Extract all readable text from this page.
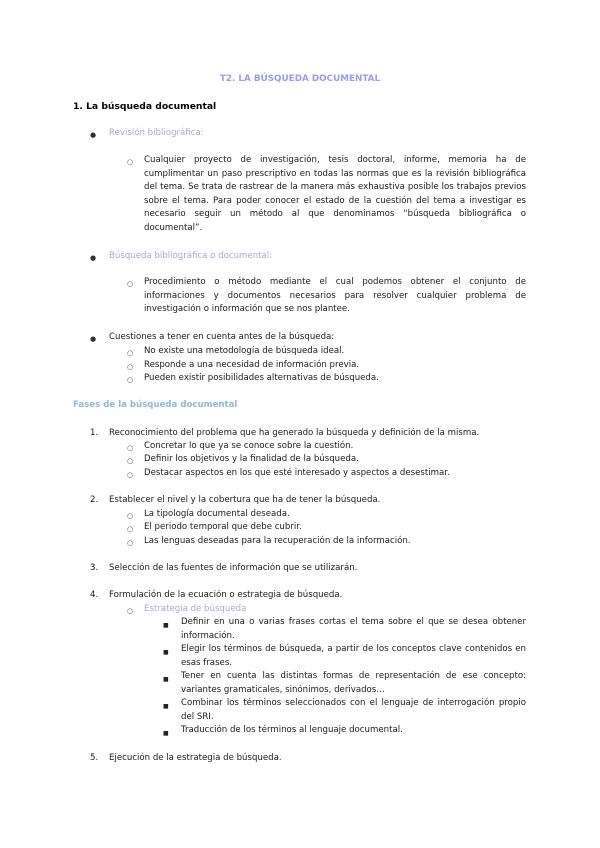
T2. LA BÚSQUEDA DOCUMENTAL
1. La búsqueda documental
● Revisión bibliográfica:
○ Cualquier proyecto de investigación, tesis doctoral, informe, memoria ha de cumplimentar un paso prescriptivo en todas las normas que es la revisión bibliográfica del tema. Se trata de rastrear de la manera más exhaustiva posible los trabajos previos sobre el tema. Para poder conocer el estado de la cuestión del tema a investigar es necesario seguir un método al que denominamos “búsqueda bibliográfica o documental”.
● Búsqueda bibliográfica o documental:
○ Procedimiento o método mediante el cual podemos obtener el conjunto de informaciones y documentos necesarios para resolver cualquier problema de investigación o información que se nos plantee.
● Cuestiones a tener en cuenta antes de la búsqueda:
○ No existe una metodología de búsqueda ideal.
○ Responde a una necesidad de información previa.
○ Pueden existir posibilidades alternativas de búsqueda.
Fases de la búsqueda documental
1. Reconocimiento del problema que ha generado la búsqueda y definición de la misma.
○ Concretar lo que ya se conoce sobre la cuestión.
○ Definir los objetivos y la finalidad de la búsqueda.
○ Destacar aspectos en los que esté interesado y aspectos a desestimar.
2. Establecer el nivel y la cobertura que ha de tener la búsqueda.
○ La tipología documental deseada.
○ El periodo temporal que debe cubrir.
○ Las lenguas deseadas para la recuperación de la información.
3. Selección de las fuentes de información que se utilizarán.
4. Formulación de la ecuación o estrategia de búsqueda.
○ Estrategia de búsqueda
■ Definir en una o varias frases cortas el tema sobre el que se desea obtener información.
■ Elegir los términos de búsqueda, a partir de los conceptos clave contenidos en esas frases.
■ Tener en cuenta las distintas formas de representación de ese concepto: variantes gramaticales, sinónimos, derivados…
■ Combinar los términos seleccionados con el lenguaje de interrogación propio del SRI.
■ Traducción de los términos al lenguaje documental.
5. Ejecución de la estrategia de búsqueda.
